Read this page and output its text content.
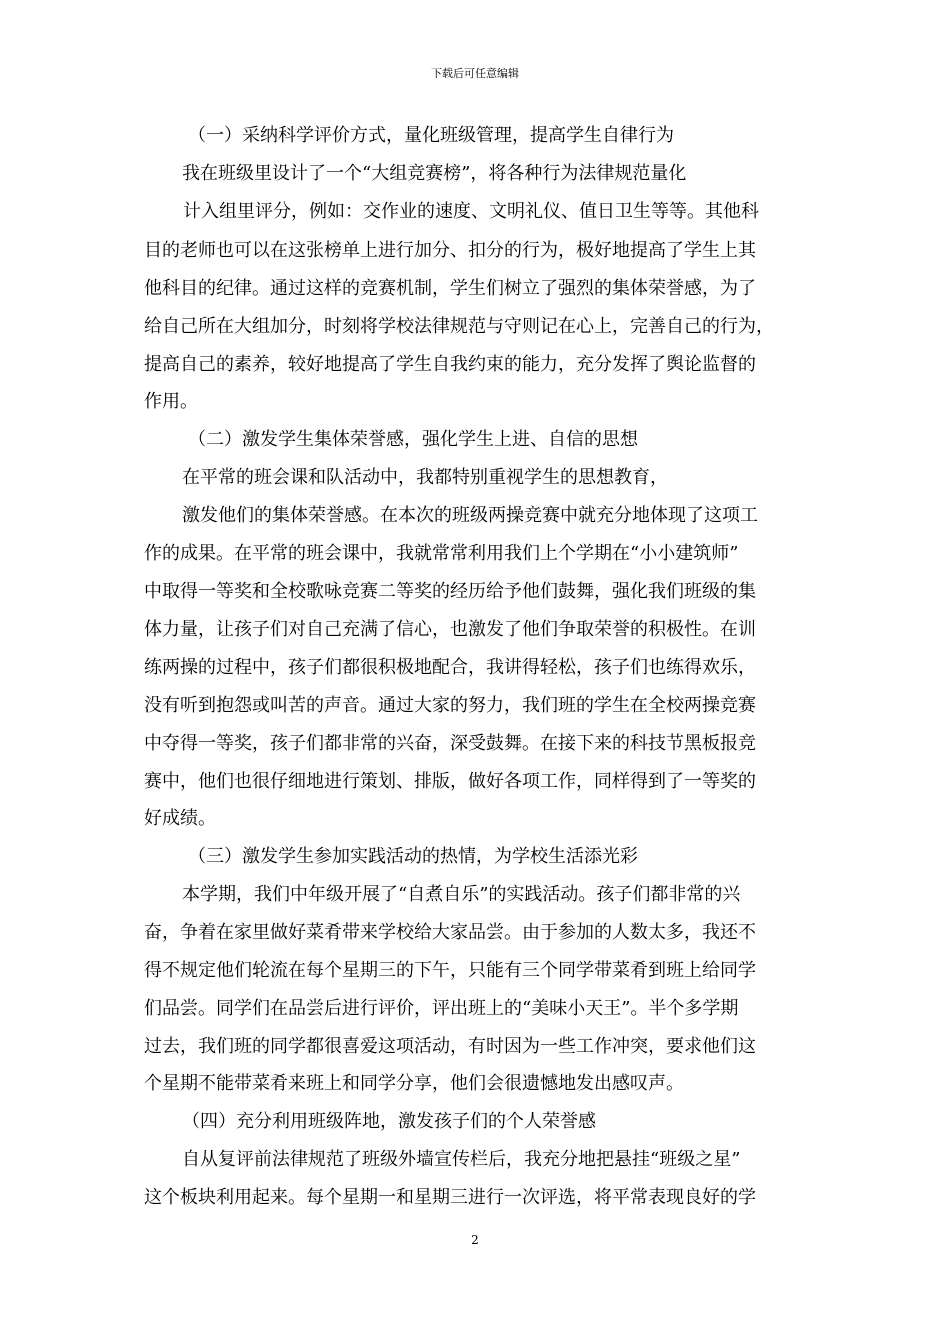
下载后可任意编辑
（一）采纳科学评价方式，量化班级管理，提高学生自律行为
我在班级里设计了一个“大组竞赛榜”，将各种行为法律规范量化
计入组里评分，例如：交作业的速度、文明礼仪、值日卫生等等。其他科
目的老师也可以在这张榜单上进行加分、扣分的行为，极好地提高了学生上其
他科目的纪律。通过这样的竞赛机制，学生们树立了强烈的集体荣誉感，为了
给自己所在大组加分，时刻将学校法律规范与守则记在心上，完善自己的行为，
提高自己的素养，较好地提高了学生自我约束的能力，充分发挥了舆论监督的
作用。
（二）激发学生集体荣誉感，强化学生上进、自信的思想
在平常的班会课和队活动中，我都特别重视学生的思想教育，
激发他们的集体荣誉感。在本次的班级两操竞赛中就充分地体现了这项工
作的成果。在平常的班会课中，我就常常利用我们上个学期在“小小建筑师”
中取得一等奖和全校歌咏竞赛二等奖的经历给予他们鼓舞，强化我们班级的集
体力量，让孩子们对自己充满了信心，也激发了他们争取荣誉的积极性。在训
练两操的过程中，孩子们都很积极地配合，我讲得轻松，孩子们也练得欢乐，
没有听到抱怨或叫苦的声音。通过大家的努力，我们班的学生在全校两操竞赛
中夺得一等奖，孩子们都非常的兴奋，深受鼓舞。在接下来的科技节黑板报竞
赛中，他们也很仔细地进行策划、排版，做好各项工作，同样得到了一等奖的
好成绩。
（三）激发学生参加实践活动的热情，为学校生活添光彩
本学期，我们中年级开展了“自煮自乐”的实践活动。孩子们都非常的兴
奋，争着在家里做好菜肴带来学校给大家品尝。由于参加的人数太多，我还不
得不规定他们轮流在每个星期三的下午，只能有三个同学带菜肴到班上给同学
们品尝。同学们在品尝后进行评价，评出班上的“美味小天王”。半个多学期
过去，我们班的同学都很喜爱这项活动，有时因为一些工作冲突，要求他们这
个星期不能带菜肴来班上和同学分享，他们会很遗憾地发出感叹声。
（四）充分利用班级阵地，激发孩子们的个人荣誉感
自从复评前法律规范了班级外墙宣传栏后，我充分地把悬挂“班级之星”
这个板块利用起来。每个星期一和星期三进行一次评选，将平常表现良好的学
2
